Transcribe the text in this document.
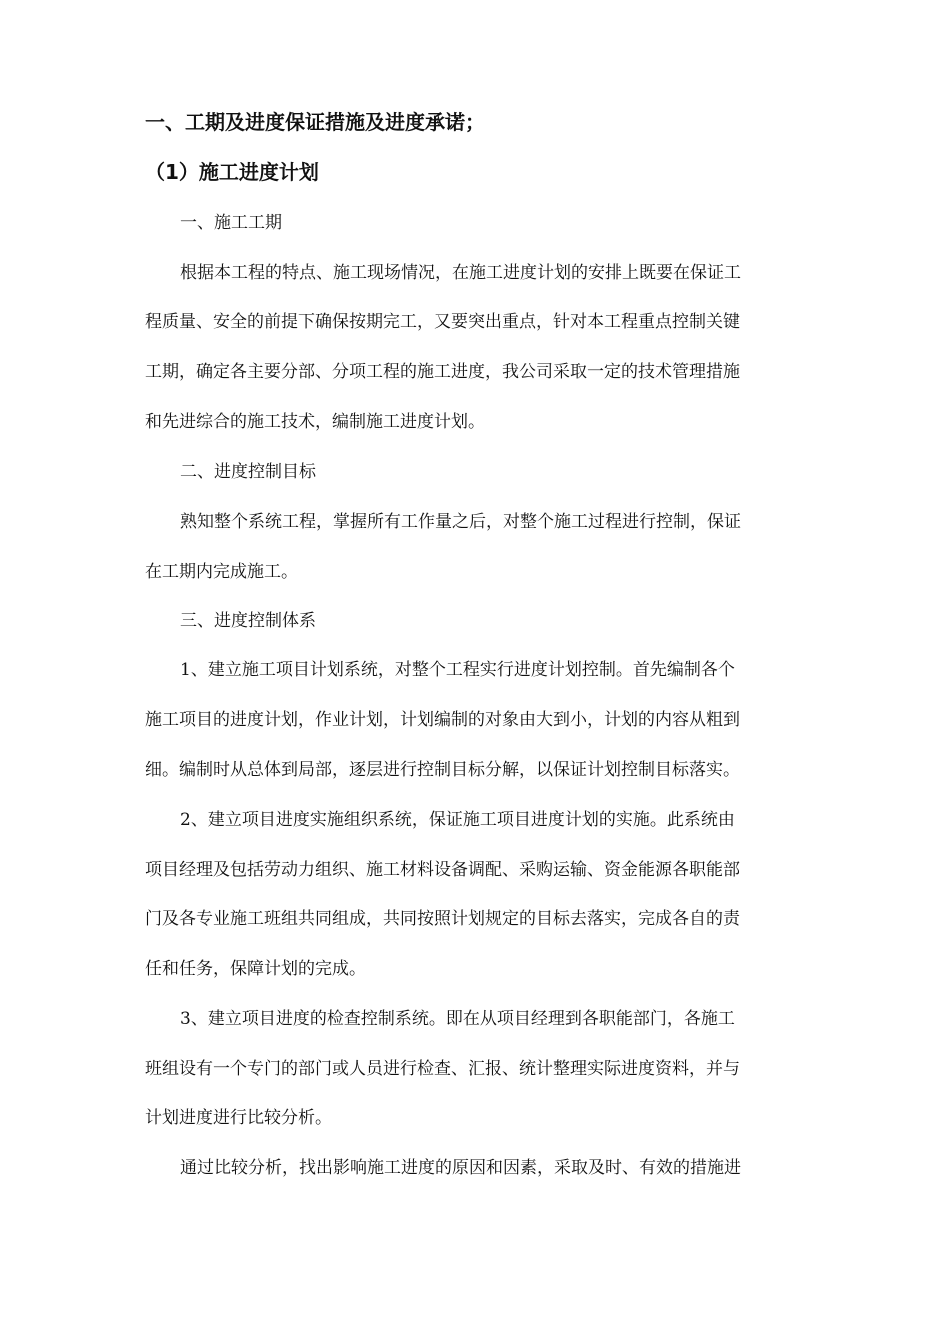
一、工期及进度保证措施及进度承诺；
（1）施工进度计划
一、施工工期
根据本工程的特点、施工现场情况，在施工进度计划的安排上既要在保证工
程质量、安全的前提下确保按期完工，又要突出重点，针对本工程重点控制关键
工期，确定各主要分部、分项工程的施工进度，我公司采取一定的技术管理措施
和先进综合的施工技术，编制施工进度计划。
二、进度控制目标
熟知整个系统工程，掌握所有工作量之后，对整个施工过程进行控制，保证
在工期内完成施工。
三、进度控制体系
1、建立施工项目计划系统，对整个工程实行进度计划控制。首先编制各个
施工项目的进度计划，作业计划，计划编制的对象由大到小，计划的内容从粗到
细。编制时从总体到局部，逐层进行控制目标分解，以保证计划控制目标落实。
2、建立项目进度实施组织系统，保证施工项目进度计划的实施。此系统由
项目经理及包括劳动力组织、施工材料设备调配、采购运输、资金能源各职能部
门及各专业施工班组共同组成，共同按照计划规定的目标去落实，完成各自的责
任和任务，保障计划的完成。
3、建立项目进度的检查控制系统。即在从项目经理到各职能部门，各施工
班组设有一个专门的部门或人员进行检查、汇报、统计整理实际进度资料，并与
计划进度进行比较分析。
通过比较分析，找出影响施工进度的原因和因素，采取及时、有效的措施进
